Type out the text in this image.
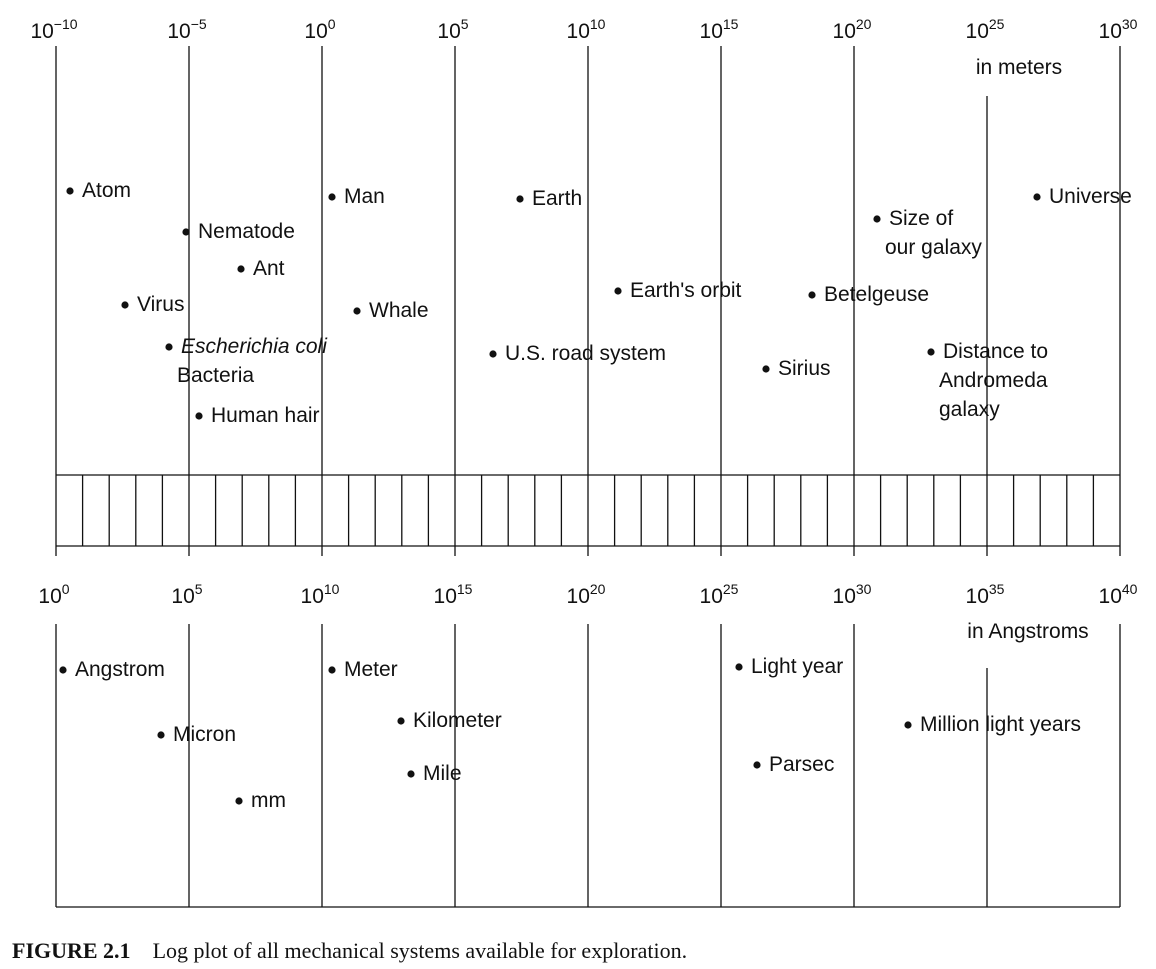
$10^{-10}$	$10^{-5}$	$10^0$	$10^5$	$10^{10}$	$10^{15}$	$10^{20}$	$10^{25}$	$10^{30}$
$10^0$	$10^5$	$10^{10}$	$10^{15}$	$10^{20}$	$10^{25}$	$10^{30}$	$10^{35}$	$10^{40}$
Atom
Nematode
Ant
Virus
Escherichia coli
Bacteria
Human hair
Man
Whale
Earth
U.S. road system
Earth's orbit
Sirius
Betelgeuse
Size of
our galaxy
Distance to
Andromeda
galaxy
Universe
Angstrom
Micron
mm
Meter
Kilometer
Mile
Light year
Parsec
Million light years
in meters
in Angstroms
FIGURE 2.1 Log plot of all mechanical systems available for exploration.
